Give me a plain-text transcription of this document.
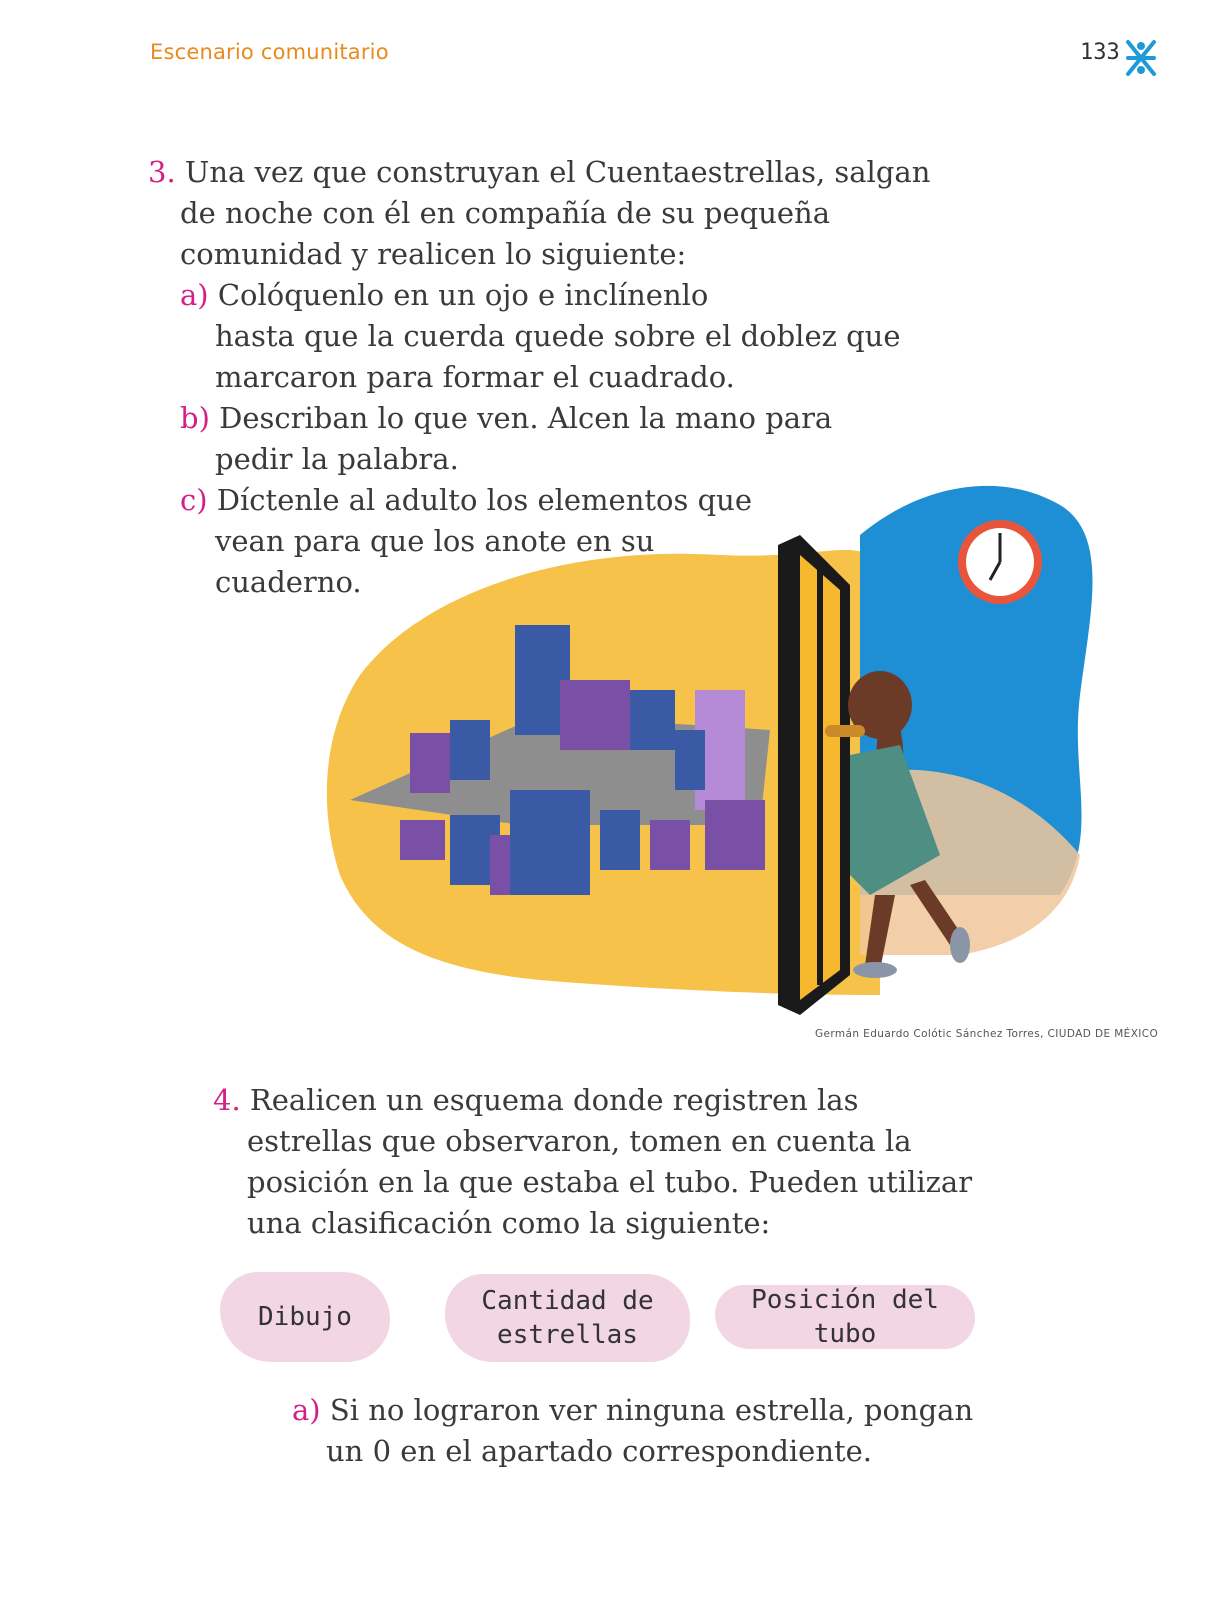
Escenario comunitario	133
3. Una vez que construyan el Cuentaestrellas, salgan
de noche con él en compañía de su pequeña
comunidad y realicen lo siguiente:
a) Colóquenlo en un ojo e inclínenlo
hasta que la cuerda quede sobre el doblez que
marcaron para formar el cuadrado.
b) Describan lo que ven. Alcen la mano para
pedir la palabra.
c) Díctenle al adulto los elementos que
vean para que los anote en su
cuaderno.
Germán Eduardo Colótic Sánchez Torres, CIUDAD DE MÉXICO
4. Realicen un esquema donde registren las
estrellas que observaron, tomen en cuenta la
posición en la que estaba el tubo. Pueden utilizar
una clasificación como la siguiente:
Dibujo
Cantidad de estrellas
Posición del tubo
a) Si no lograron ver ninguna estrella, pongan
un 0 en el apartado correspondiente.
